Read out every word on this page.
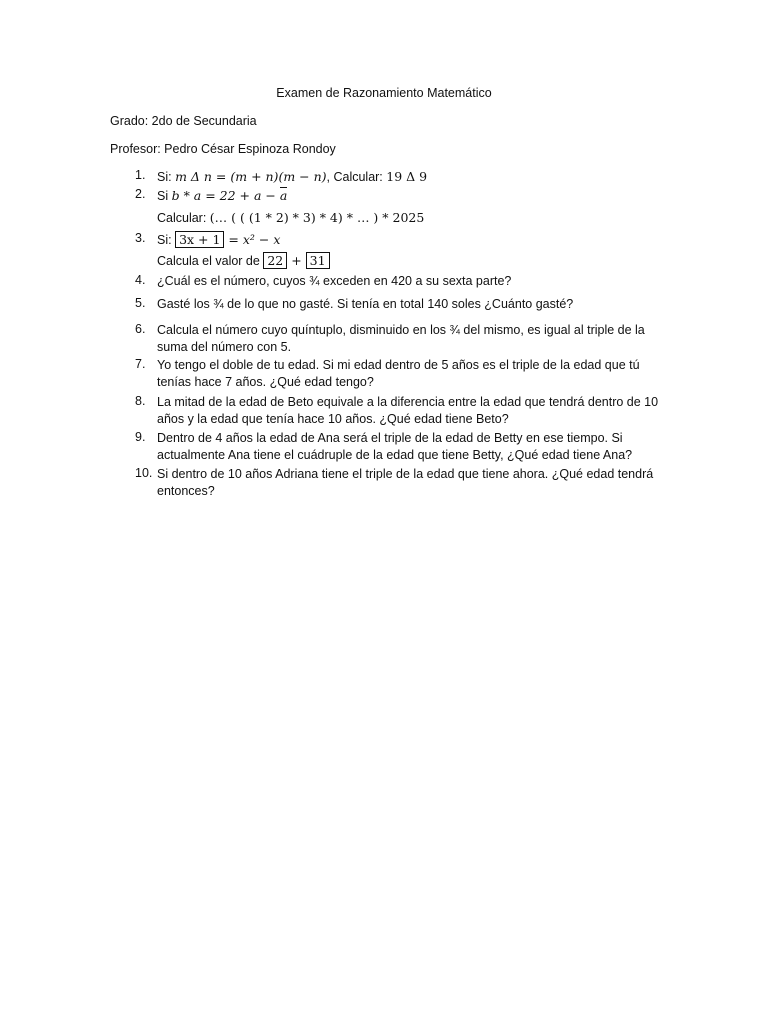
Examen de Razonamiento Matemático
Grado: 2do de Secundaria
Profesor: Pedro César Espinoza Rondoy
1. Si: m Δ n = (m + n)(m − n), Calcular: 19 Δ 9
2. Si b * a = 22 + a − a
Calcular: (… ( ( (1 * 2) * 3) * 4) * … ) * 2025
3. Si: 3x + 1 = x² − x
Calcula el valor de 22 + 31
4. ¿Cuál es el número, cuyos ¾ exceden en 420 a su sexta parte?
5. Gasté los ¾ de lo que no gasté. Si tenía en total 140 soles ¿Cuánto gasté?
6. Calcula el número cuyo quíntuplo, disminuido en los ¾ del mismo, es igual al triple de la suma del número con 5.
7. Yo tengo el doble de tu edad. Si mi edad dentro de 5 años es el triple de la edad que tú tenías hace 7 años. ¿Qué edad tengo?
8. La mitad de la edad de Beto equivale a la diferencia entre la edad que tendrá dentro de 10 años y la edad que tenía hace 10 años. ¿Qué edad tiene Beto?
9. Dentro de 4 años la edad de Ana será el triple de la edad de Betty en ese tiempo. Si actualmente Ana tiene el cuádruple de la edad que tiene Betty, ¿Qué edad tiene Ana?
10. Si dentro de 10 años Adriana tiene el triple de la edad que tiene ahora. ¿Qué edad tendrá entonces?
